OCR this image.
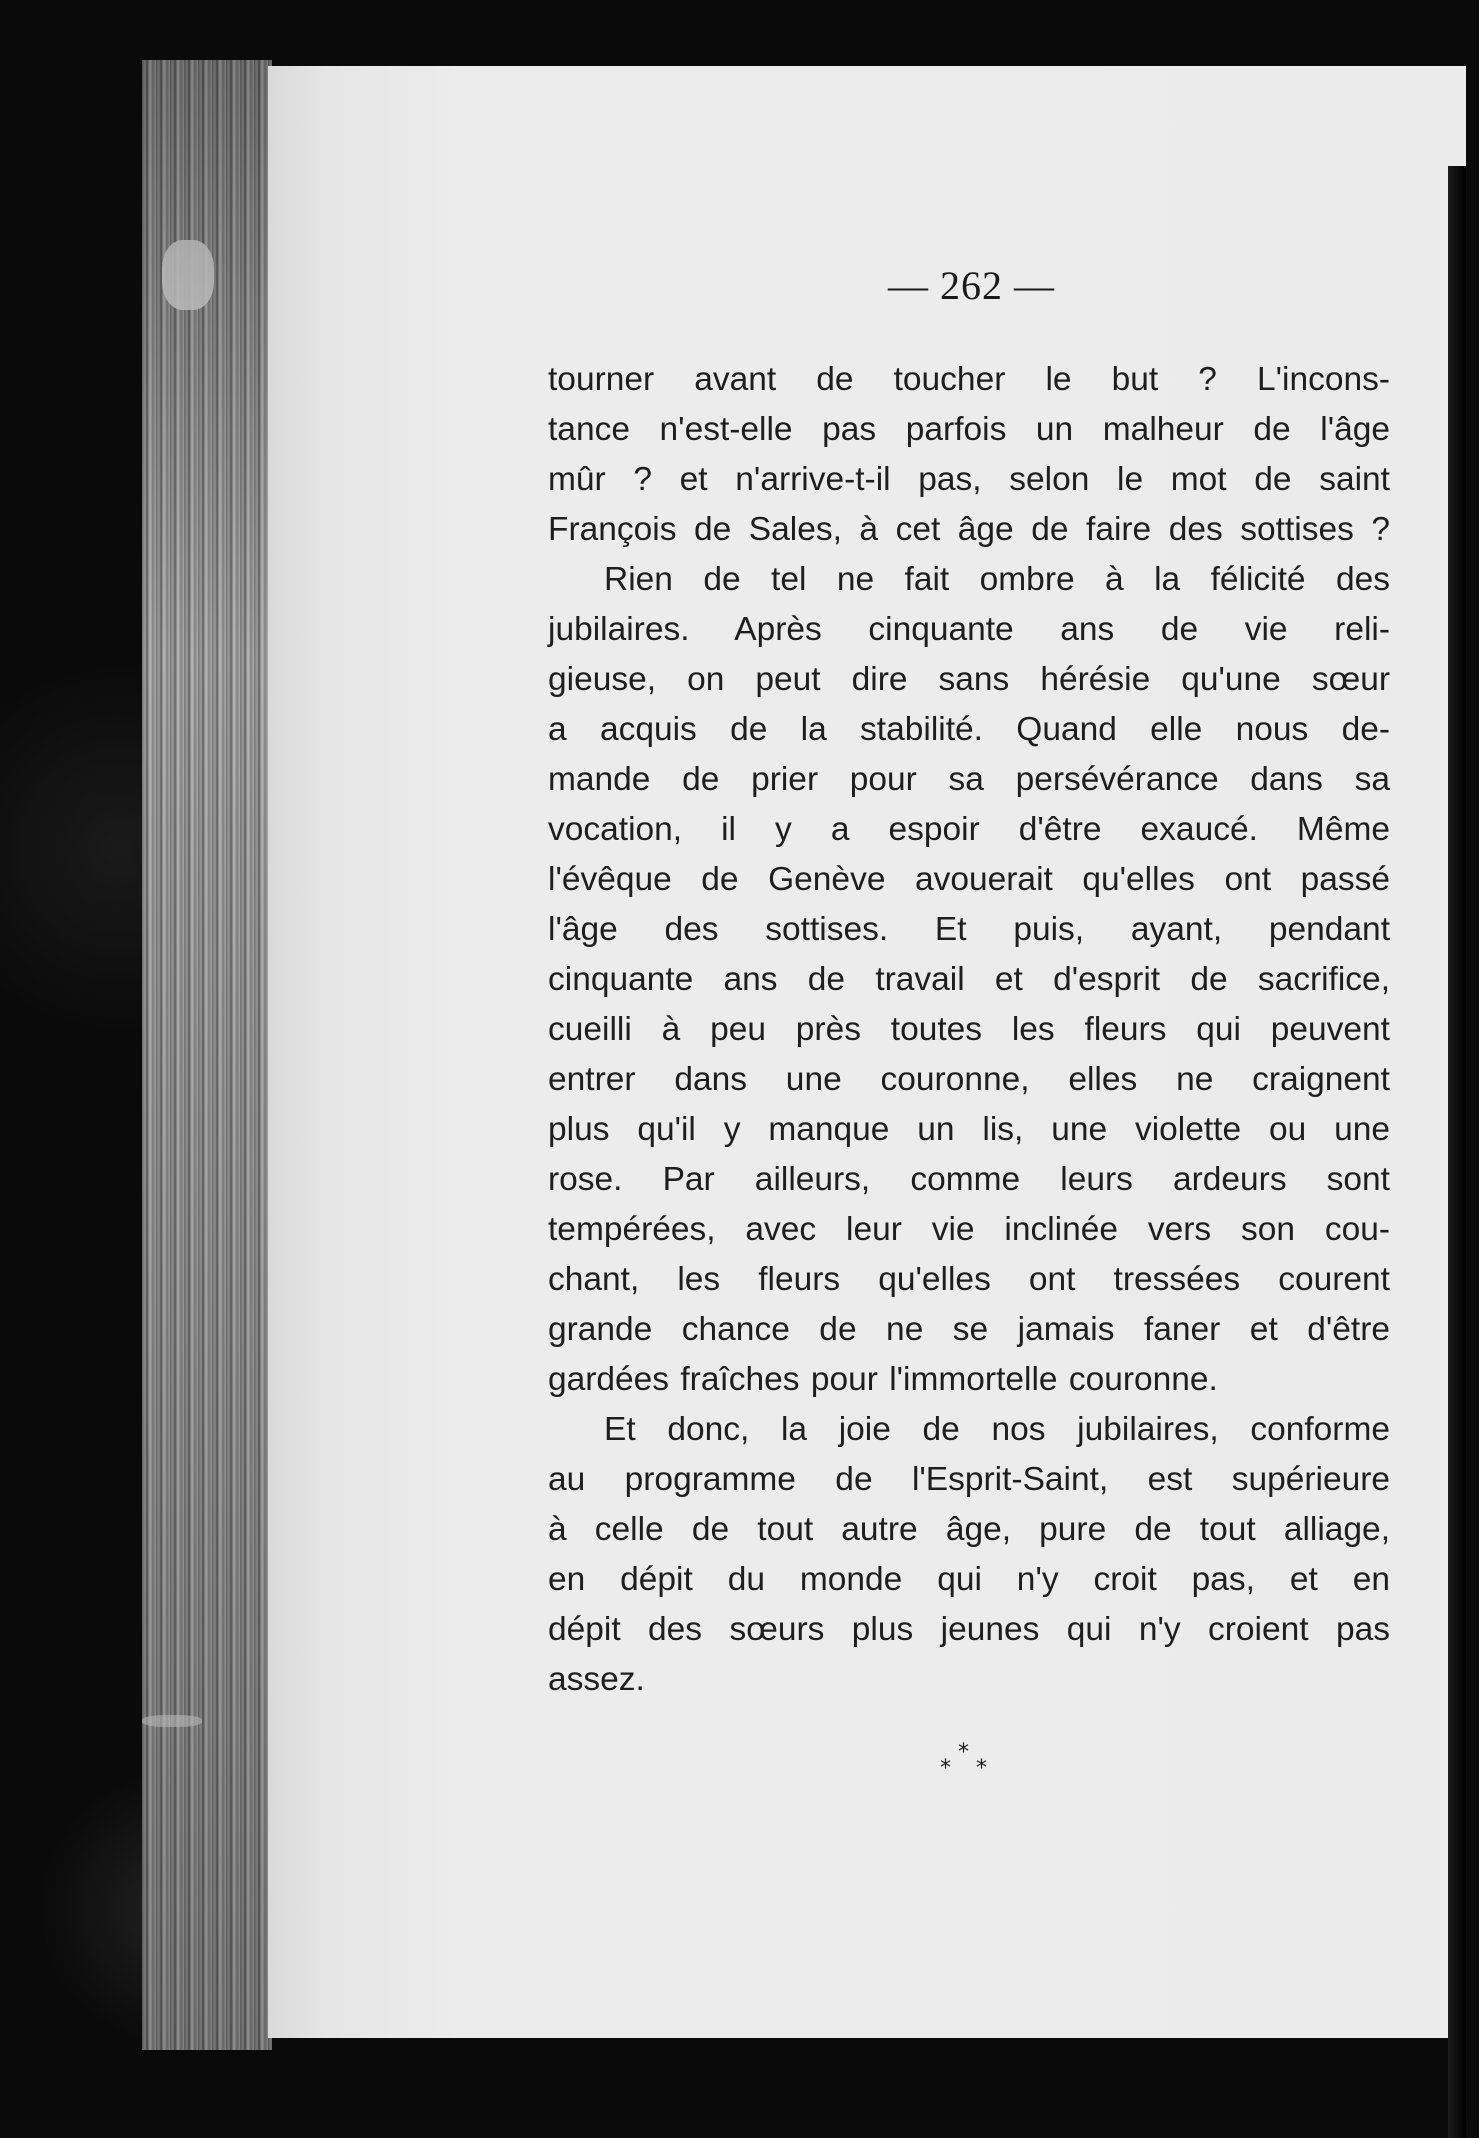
— 262 —
tourner avant de toucher le but ? L'incons-
tance n'est-elle pas parfois un malheur de l'âge
mûr ? et n'arrive-t-il pas, selon le mot de saint
François de Sales, à cet âge de faire des sottises ?
Rien de tel ne fait ombre à la félicité des
jubilaires. Après cinquante ans de vie reli-
gieuse, on peut dire sans hérésie qu'une sœur
a acquis de la stabilité. Quand elle nous de-
mande de prier pour sa persévérance dans sa
vocation, il y a espoir d'être exaucé. Même
l'évêque de Genève avouerait qu'elles ont passé
l'âge des sottises. Et puis, ayant, pendant
cinquante ans de travail et d'esprit de sacrifice,
cueilli à peu près toutes les fleurs qui peuvent
entrer dans une couronne, elles ne craignent
plus qu'il y manque un lis, une violette ou une
rose. Par ailleurs, comme leurs ardeurs sont
tempérées, avec leur vie inclinée vers son cou-
chant, les fleurs qu'elles ont tressées courent
grande chance de ne se jamais faner et d'être
gardées fraîches pour l'immortelle couronne.
Et donc, la joie de nos jubilaires, conforme
au programme de l'Esprit-Saint, est supérieure
à celle de tout autre âge, pure de tout alliage,
en dépit du monde qui n'y croit pas, et en
dépit des sœurs plus jeunes qui n'y croient pas
assez.
*
* *
